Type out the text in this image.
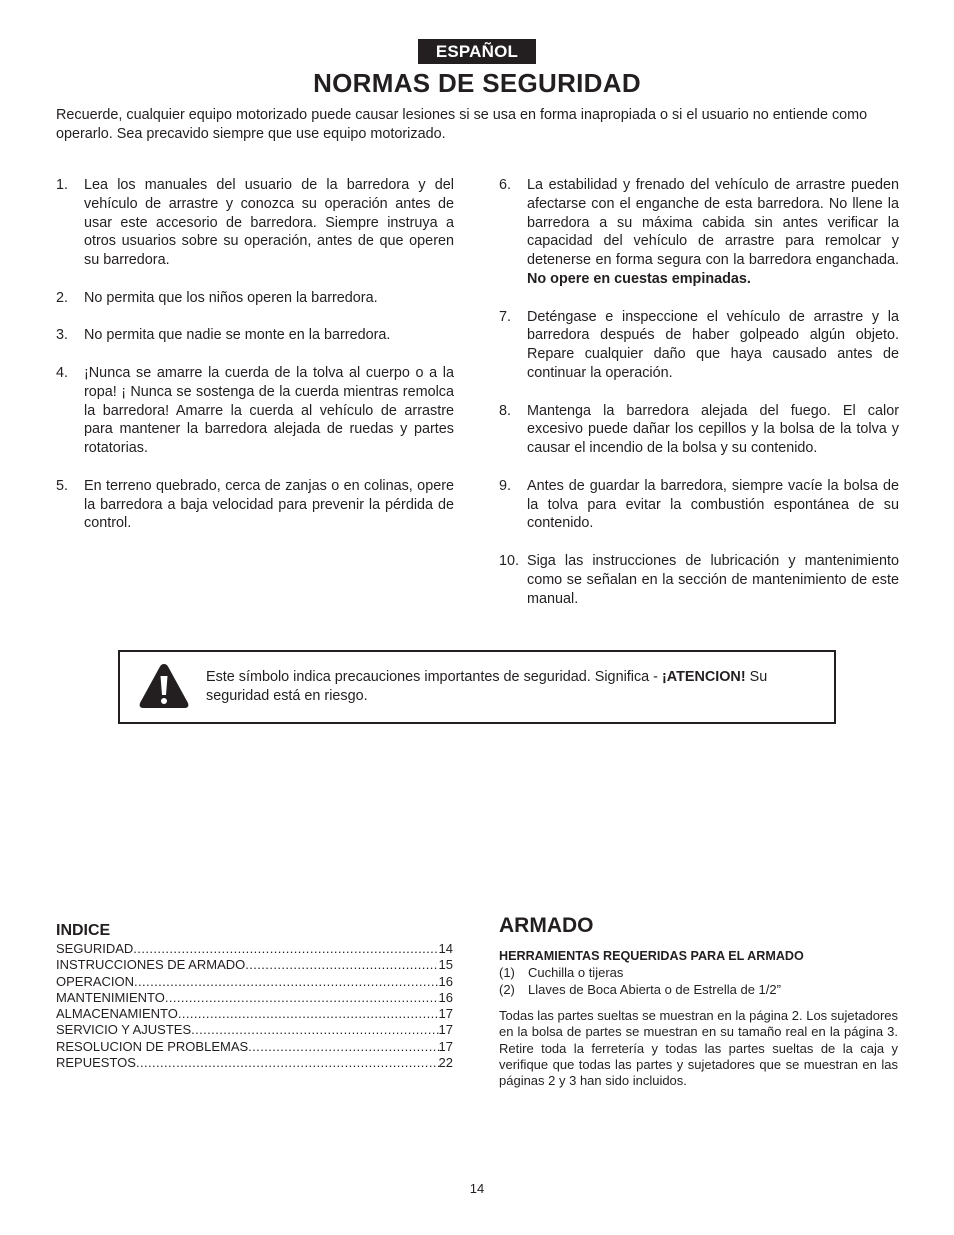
ESPAÑOL
NORMAS DE SEGURIDAD

Recuerde, cualquier equipo motorizado puede causar lesiones si se usa en forma inapropiada o si el usuario no entiende como operarlo. Sea precavido siempre que use equipo motorizado.

1.	Lea los manuales del usuario de la barredora y del vehículo de arrastre y conozca su operación antes de usar este accesorio de barredora. Siempre instruya a otros usuarios sobre su operación, antes de que operen su barredora.
2.	No permita que los niños operen la barredora.
3.	No permita que nadie se monte en la barredora.
4.	¡Nunca se amarre la cuerda de la tolva al cuerpo o a la ropa! ¡ Nunca se sostenga de la cuerda mientras remolca la barredora! Amarre la cuerda al vehículo de arrastre para mantener la barredora alejada de ruedas y partes rotatorias.
5.	En terreno quebrado, cerca de zanjas o en colinas, opere la barredora a baja velocidad para prevenir la pérdida de control.
6.	La estabilidad y frenado del vehículo de arrastre pueden afectarse con el enganche de esta barredora. No llene la barredora a su máxima cabida sin antes verificar la capacidad del vehículo de arrastre para remolcar y detenerse en forma segura con la barredora enganchada. No opere en cuestas empinadas.
7.	Deténgase e inspeccione el vehículo de arrastre y la barredora después de haber golpeado algún objeto. Repare cualquier daño que haya causado antes de continuar la operación.
8.	Mantenga la barredora alejada del fuego. El calor excesivo puede dañar los cepillos y la bolsa de la tolva y causar el incendio de la bolsa y su contenido.
9.	Antes de guardar la barredora, siempre vacíe la bolsa de la tolva para evitar la combustión espontánea de su contenido.
10. Siga las instrucciones de lubricación y mantenimiento como se señalan en la sección de mantenimiento de este manual.
Este símbolo indica precauciones importantes de seguridad. Significa - ¡ATENCION! Su seguridad está en riesgo.
INDICE
SEGURIDAD .....	14
INSTRUCCIONES DE ARMADO .....	15
OPERACION .....	16
MANTENIMIENTO .....	16
ALMACENAMIENTO .....	17
SERVICIO Y AJUSTES .....	17
RESOLUCION DE PROBLEMAS .....	17
REPUESTOS .....	22
ARMADO
HERRAMIENTAS REQUERIDAS PARA EL ARMADO
(1)	Cuchilla o tijeras
(2)	Llaves de Boca Abierta o de Estrella de 1/2”

Todas las partes sueltas se muestran en la página 2. Los sujetadores en la bolsa de partes se muestran en su tamaño real en la página 3. Retire toda la ferretería y todas las partes sueltas de la caja y verifique que todas las partes y sujetadores que se muestran en las páginas 2 y 3 han sido incluidos.

14
